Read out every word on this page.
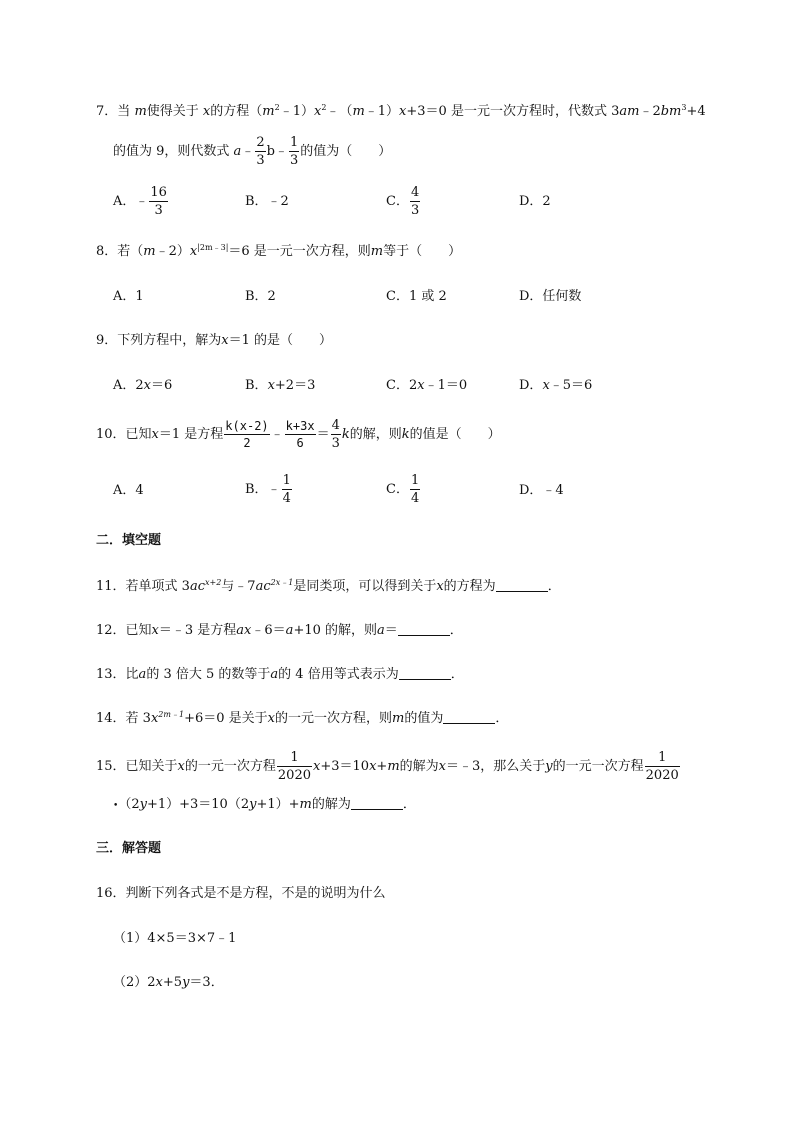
7．当 m使得关于 x的方程$(m^2﹣1)x^2﹣(m﹣1)x+3=0$ 是一元一次方程时，代数式 $3am﹣2bm^3+4$
的值为 9，则代数式 a﹣ $\frac{2}{3}$ b﹣ $\frac{1}{3}$ 的值为（　　）
A．﹣ $\frac{16}{3}$	B．﹣2	C． $\frac{4}{3}$	D．2
8．若$(m﹣2)x^{|2m﹣3|}=6$ 是一元一次方程，则m等于（　　）
A．1	B．2	C．1 或 2	D．任何数
9．下列方程中，解为x＝1 的是（　　）
A．2x＝6	B．x+2＝3	C．2x﹣1＝0	D．x﹣5＝6
10．已知x＝1 是方程 $\frac{k(x-2)}{2}$ ﹣ $\frac{k+3x}{6} = \frac{4}{3}$ k的解，则k的值是（　　）
A．4	B．﹣ $\frac{1}{4}$	C． $\frac{1}{4}$	D．﹣4
二．填空题
11．若单项式 $3ac^{x+2}$与$﹣7ac^{2x﹣1}$是同类项，可以得到关于x的方程为	．
12．已知x＝﹣3 是方程ax﹣6＝a+10 的解，则a＝	．
13．比a的 3 倍大 5 的数等于a的 4 倍用等式表示为	．
14．若 $3x^{2m﹣1}+6=0$ 是关于x的一元一次方程，则m的值为	．
15．已知关于x的一元一次方程 $\frac{1}{2020} x+3=10x+m$的解为x＝﹣3，那么关于y的一元一次方程 $\frac{1}{2020}$
•（2y+1）+3＝10（2y+1）+m的解为	．
三．解答题
16．判断下列各式是不是方程，不是的说明为什么
（1）4×5＝3×7﹣1
（2）2x+5y＝3．
